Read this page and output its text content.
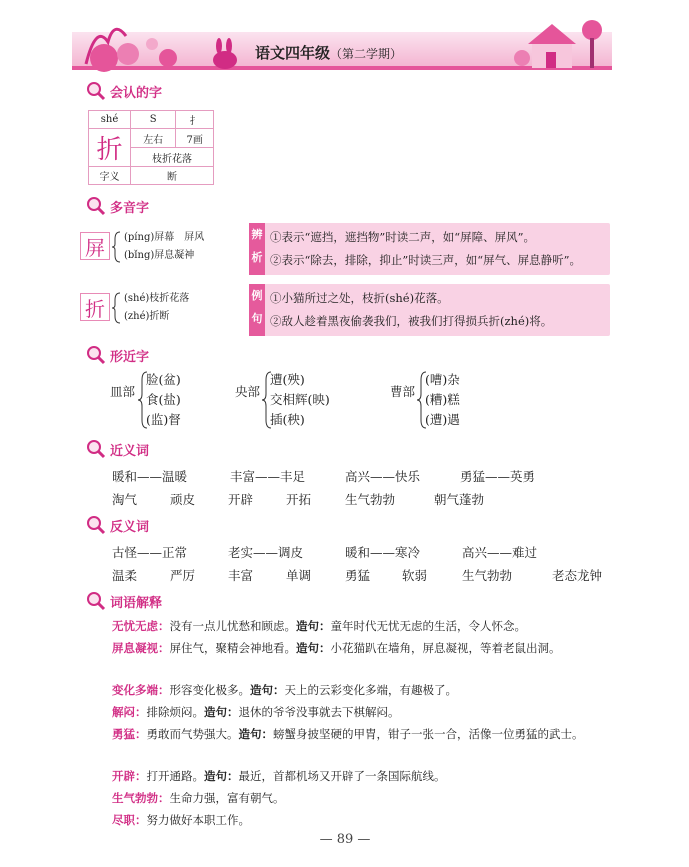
语文四年级（第二学期）
会认的字
shé	S	扌
折	左右	7画
	枝折花落	
字义	断	
多音字
屏	(píng)屏幕　屏风
(bǐng)屏息凝神
辨
析
①表示“遮挡，遮挡物”时读二声，如“屏障、屏风”。
②表示“除去，排除，抑止”时读三声，如“屏气、屏息静听”。
折	(shé)枝折花落
(zhé)折断
例
句
①小猫所过之处，枝折(shé)花落。
②敌人趁着黑夜偷袭我们，被我们打得损兵折(zhé)将。
形近字
皿部
脸(盆)
食(盐)
(监)督
央部
遭(殃)
交相辉(映)
插(秧)
曹部
(嘈)杂
(糟)糕
(遭)遇
近义词
暖和——温暖	丰富——丰足	高兴——快乐	勇猛——英勇
淘气	顽皮	开辟	开拓	生气勃勃	朝气蓬勃
反义词
古怪——正常	老实——调皮	暖和——寒冷	高兴——难过
温柔	严厉	丰富	单调	勇猛	软弱	生气勃勃	老态龙钟
词语解释
无忧无虑：没有一点儿忧愁和顾虑。造句：童年时代无忧无虑的生活，令人怀念。
屏息凝视：屏住气，聚精会神地看。造句：小花猫趴在墙角，屏息凝视，等着老鼠出洞。
变化多端：形容变化极多。造句：天上的云彩变化多端，有趣极了。
解闷：排除烦闷。造句：退休的爷爷没事就去下棋解闷。
勇猛：勇敢而气势强大。造句：螃蟹身披坚硬的甲胄，钳子一张一合，活像一位勇猛的武士。
开辟：打开通路。造句：最近，首都机场又开辟了一条国际航线。
生气勃勃：生命力强，富有朝气。
尽职：努力做好本职工作。
— 89 —
